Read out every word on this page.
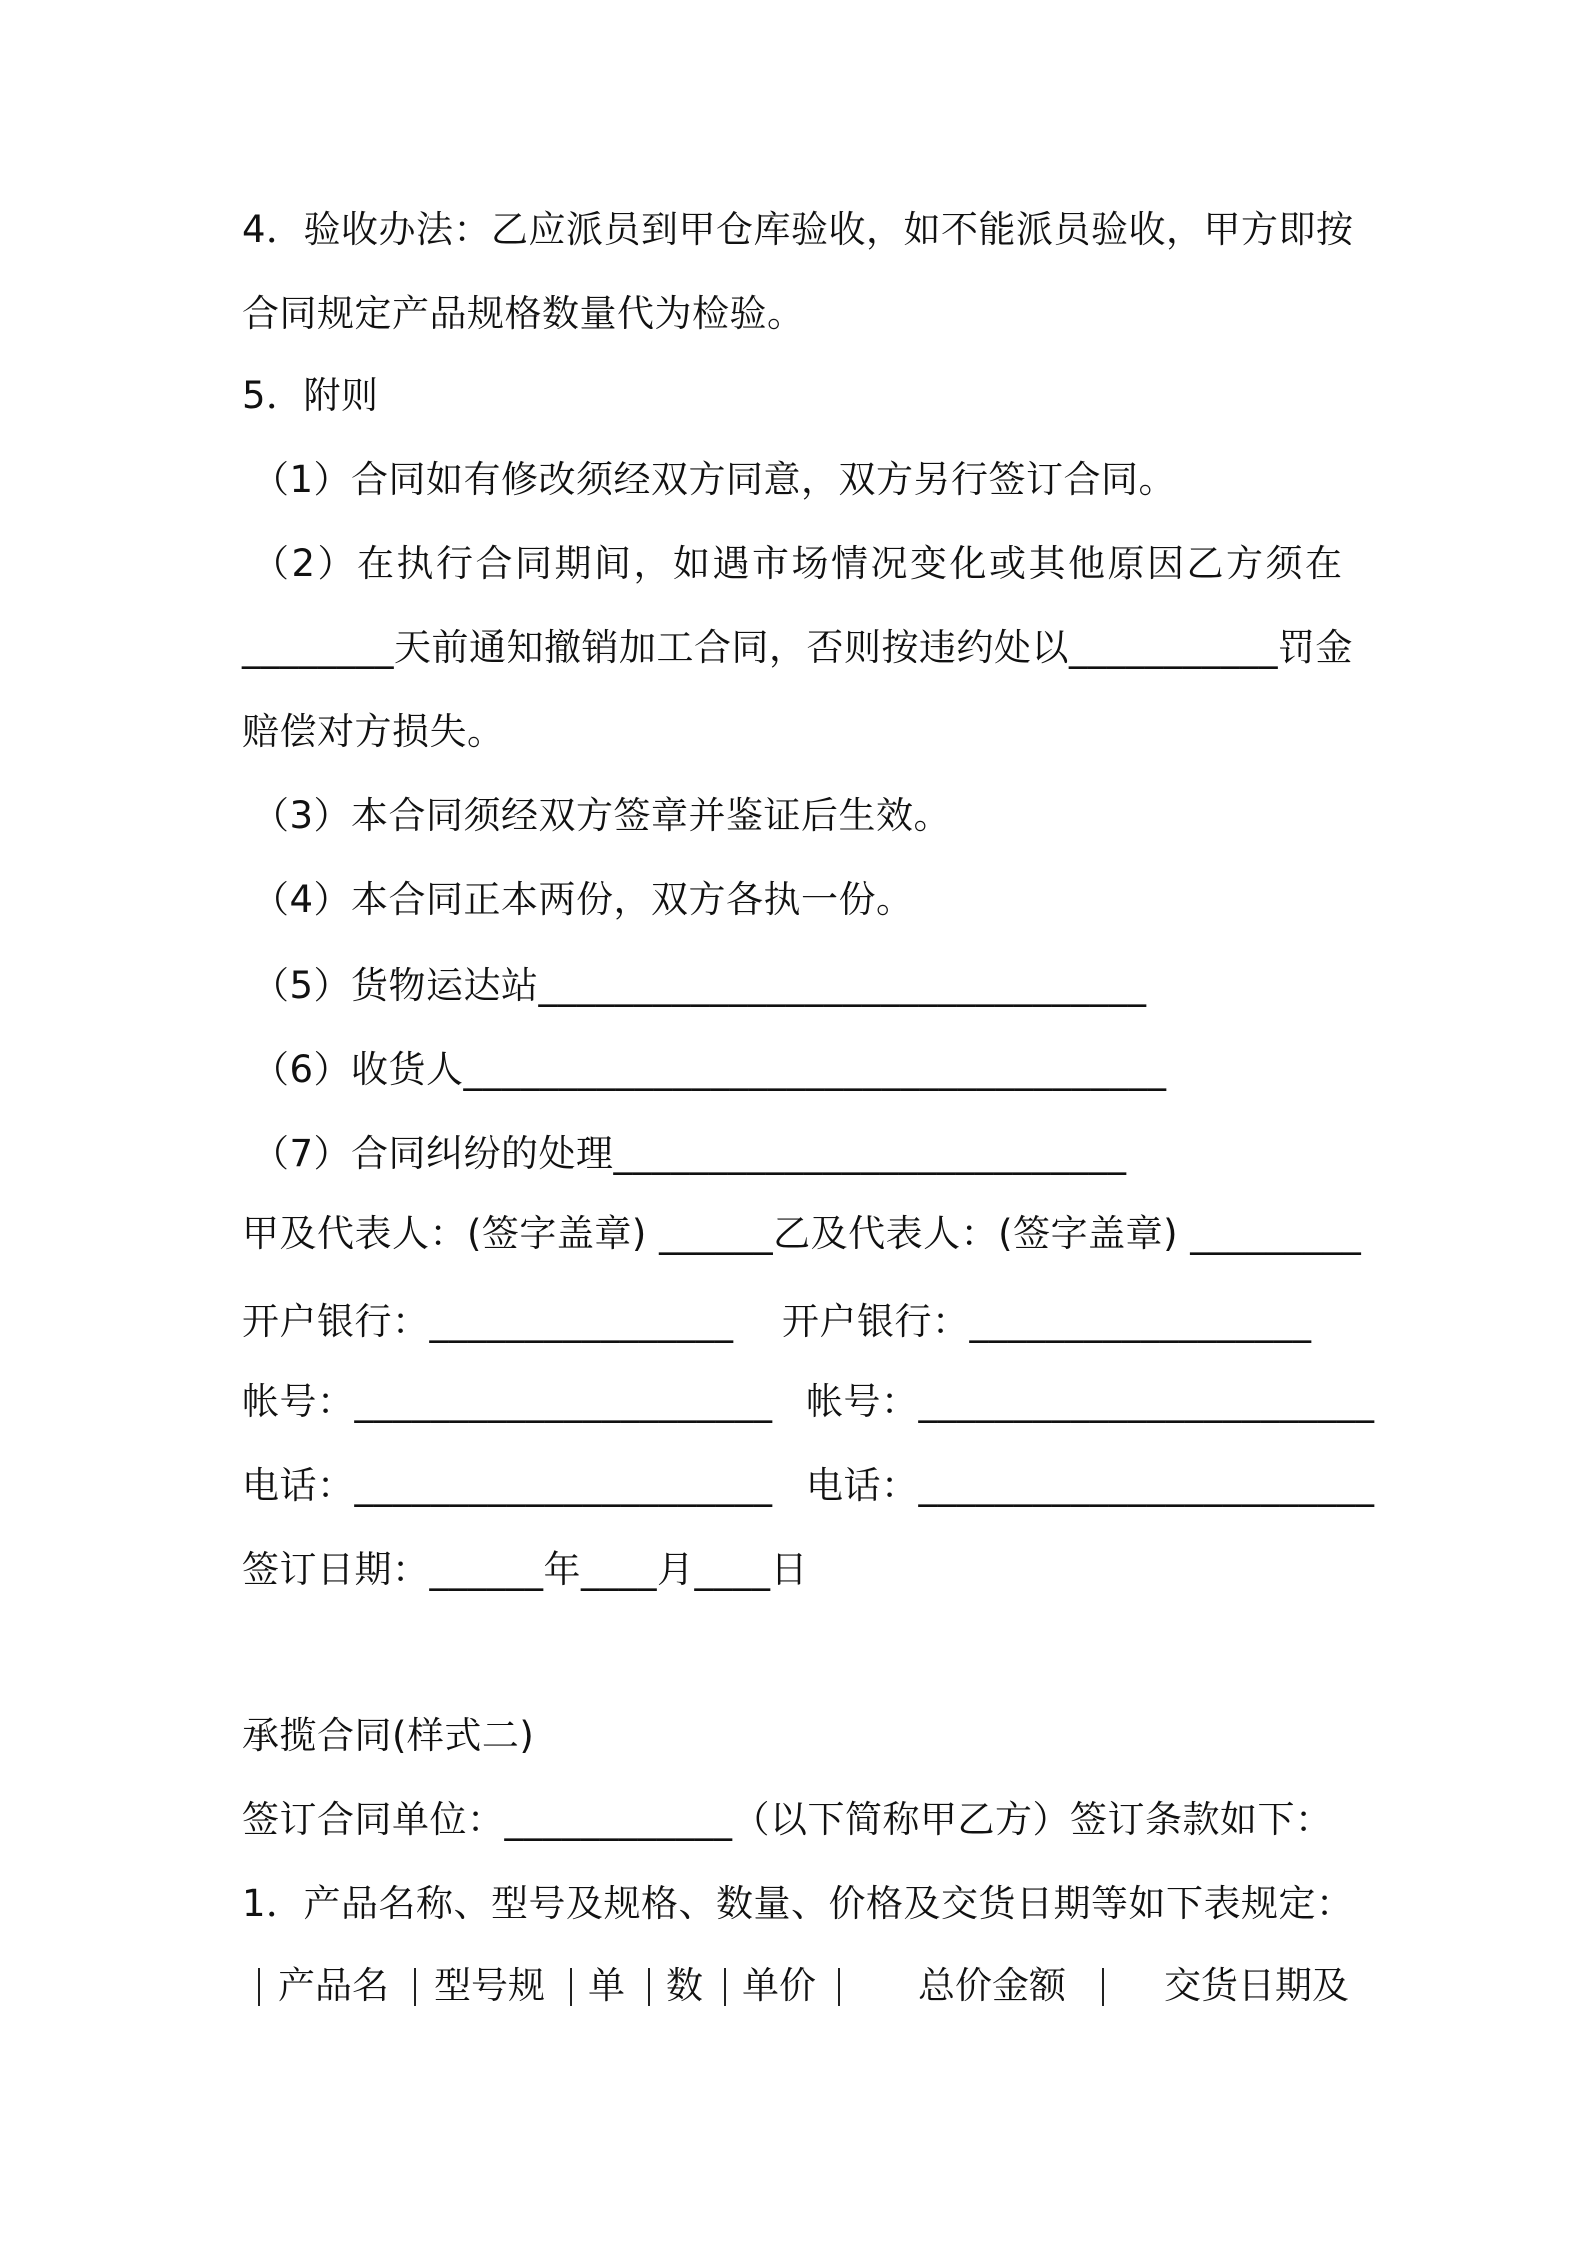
4．验收办法：乙应派员到甲仓库验收，如不能派员验收，甲方即按
合同规定产品规格数量代为检验。
5．附则
（1）合同如有修改须经双方同意，双方另行签订合同。
（2）在执行合同期间，如遇市场情况变化或其他原因乙方须在
________天前通知撤销加工合同，否则按违约处以___________罚金
赔偿对方损失。
（3）本合同须经双方签章并鉴证后生效。
（4）本合同正本两份，双方各执一份。
（5）货物运达站________________________________
（6）收货人_____________________________________
（7）合同纠纷的处理___________________________
甲及代表人：(签字盖章) ______乙及代表人：(签字盖章) _________
开户银行：________________ 开户银行：__________________
帐号：______________________ 帐号：________________________
电话：______________________ 电话：________________________
签订日期：______年____月____日
承揽合同(样式二)
签订合同单位：____________（以下简称甲乙方）签订条款如下：
1．产品名称、型号及规格、数量、价格及交货日期等如下表规定：
产品名 型号规 单 数 单价	总价金额	交货日期及
